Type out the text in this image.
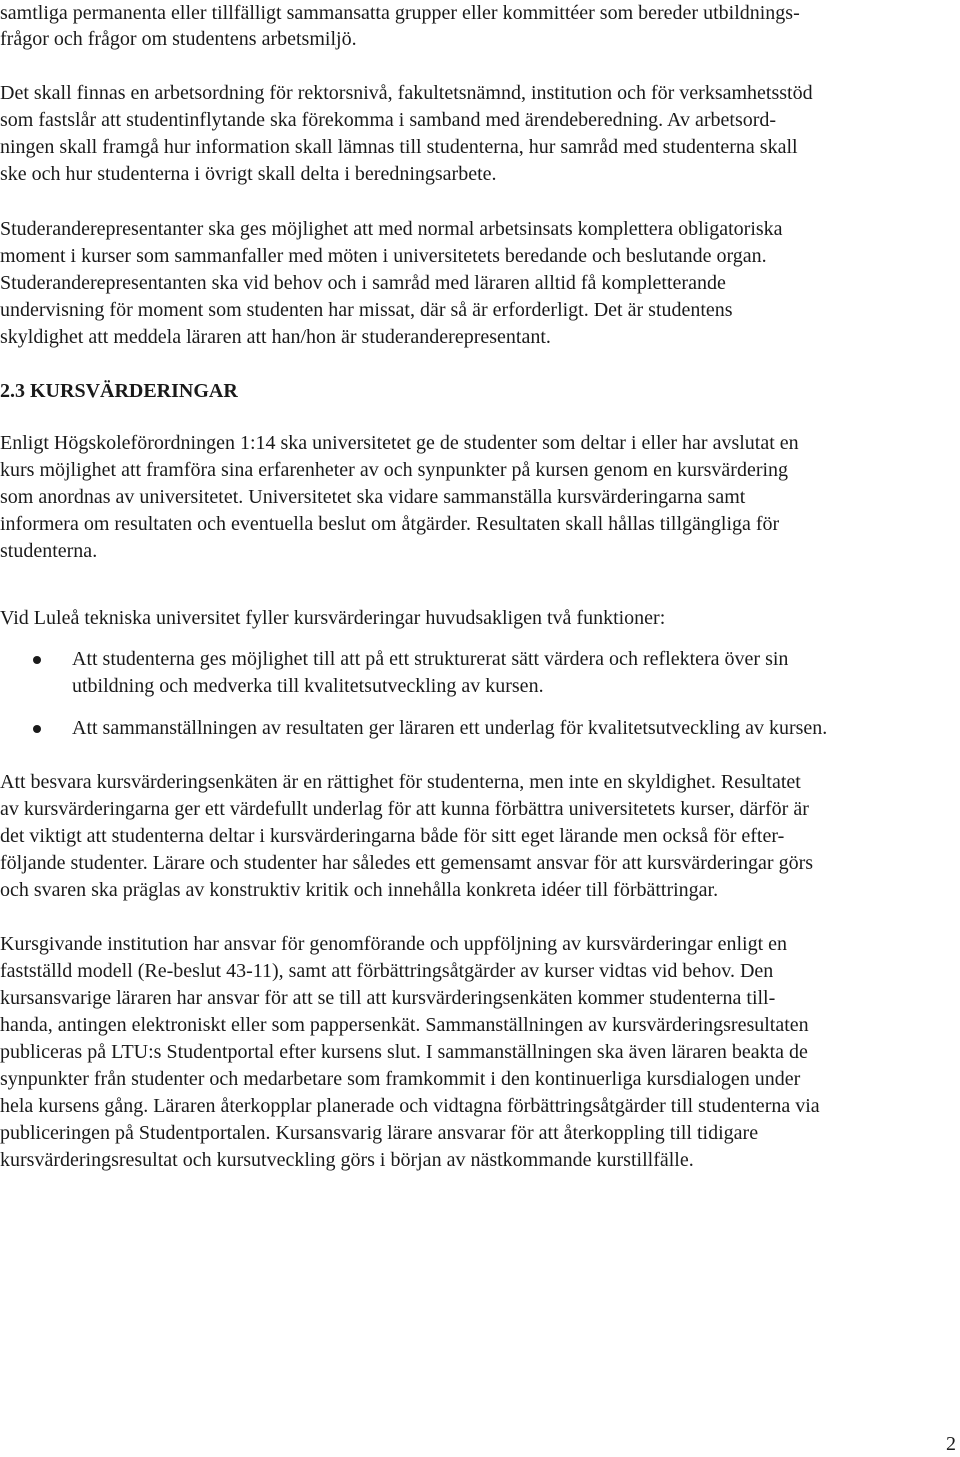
samtliga permanenta eller tillfälligt sammansatta grupper eller kommittéer som bereder utbildnings-
frågor och frågor om studentens arbetsmiljö.
Det skall finnas en arbetsordning för rektorsnivå, fakultetsnämnd, institution och för verksamhetsstöd
som fastslår att studentinflytande ska förekomma i samband med ärendeberedning. Av arbetsord-
ningen skall framgå hur information skall lämnas till studenterna, hur samråd med studenterna skall
ske och hur studenterna i övrigt skall delta i beredningsarbete.
Studeranderepresentanter ska ges möjlighet att med normal arbetsinsats komplettera obligatoriska
moment i kurser som sammanfaller med möten i universitetets beredande och beslutande organ.
Studeranderepresentanten ska vid behov och i samråd med läraren alltid få kompletterande
undervisning för moment som studenten har missat, där så är erforderligt. Det är studentens
skyldighet att meddela läraren att han/hon är studeranderepresentant.
2.3 KURSVÄRDERINGAR
Enligt Högskoleförordningen 1:14 ska universitetet ge de studenter som deltar i eller har avslutat en
kurs möjlighet att framföra sina erfarenheter av och synpunkter på kursen genom en kursvärdering
som anordnas av universitetet. Universitetet ska vidare sammanställa kursvärderingarna samt
informera om resultaten och eventuella beslut om åtgärder. Resultaten skall hållas tillgängliga för
studenterna.
Vid Luleå tekniska universitet fyller kursvärderingar huvudsakligen två funktioner:
Att studenterna ges möjlighet till att på ett strukturerat sätt värdera och reflektera över sin
utbildning och medverka till kvalitetsutveckling av kursen.
Att sammanställningen av resultaten ger läraren ett underlag för kvalitetsutveckling av kursen.
Att besvara kursvärderingsenkäten är en rättighet för studenterna, men inte en skyldighet. Resultatet
av kursvärderingarna ger ett värdefullt underlag för att kunna förbättra universitetets kurser, därför är
det viktigt att studenterna deltar i kursvärderingarna både för sitt eget lärande men också för efter-
följande studenter. Lärare och studenter har således ett gemensamt ansvar för att kursvärderingar görs
och svaren ska präglas av konstruktiv kritik och innehålla konkreta idéer till förbättringar.
Kursgivande institution har ansvar för genomförande och uppföljning av kursvärderingar enligt en
fastställd modell (Re-beslut 43-11), samt att förbättringsåtgärder av kurser vidtas vid behov. Den
kursansvarige läraren har ansvar för att se till att kursvärderingsenkäten kommer studenterna till-
handa, antingen elektroniskt eller som pappersenkät. Sammanställningen av kursvärderingsresultaten
publiceras på LTU:s Studentportal efter kursens slut. I sammanställningen ska även läraren beakta de
synpunkter från studenter och medarbetare som framkommit i den kontinuerliga kursdialogen under
hela kursens gång. Läraren återkopplar planerade och vidtagna förbättringsåtgärder till studenterna via
publiceringen på Studentportalen. Kursansvarig lärare ansvarar för att återkoppling till tidigare
kursvärderingsresultat och kursutveckling görs i början av nästkommande kurstillfälle.
2
